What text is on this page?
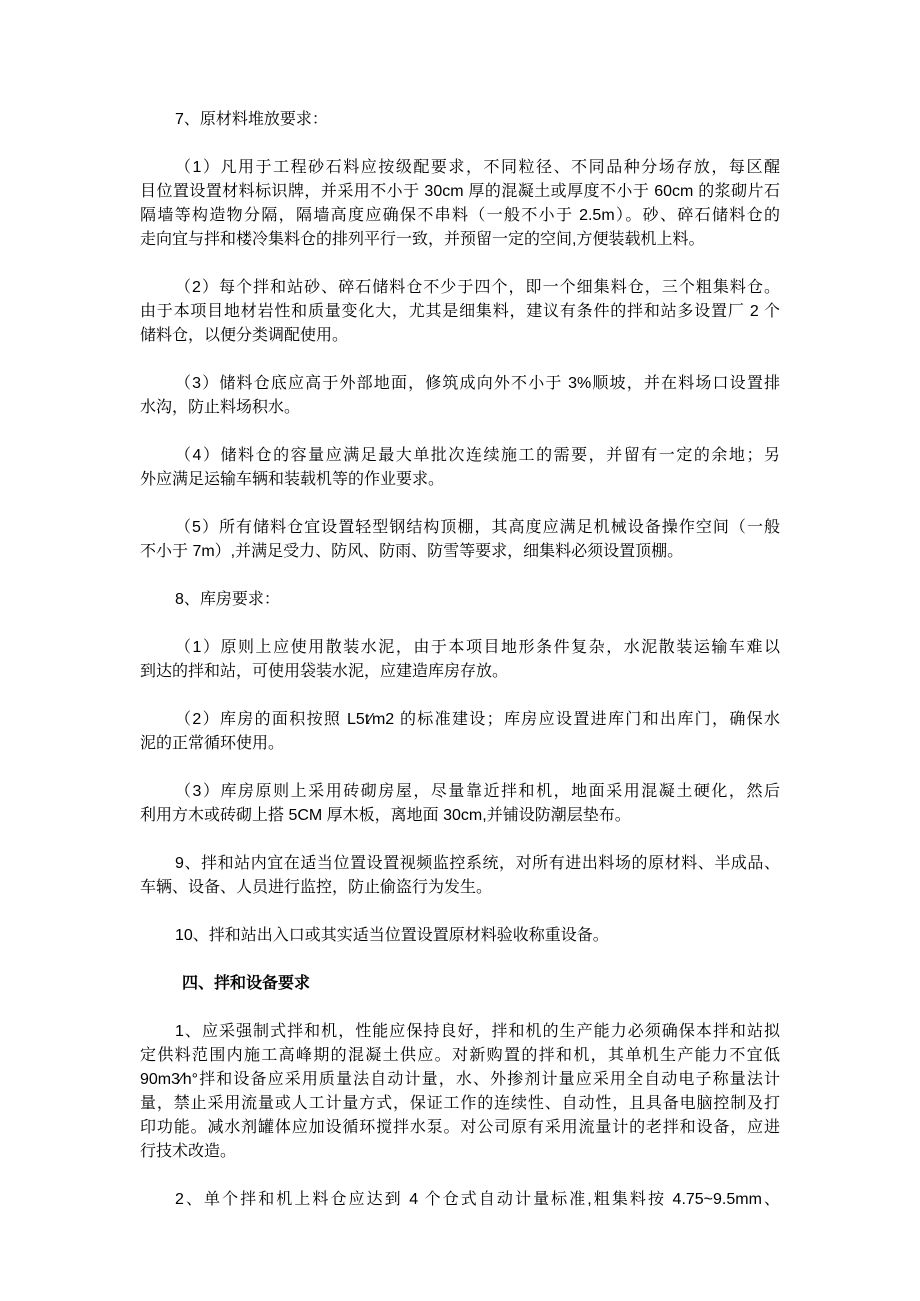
7、原材料堆放要求：
（1）凡用于工程砂石料应按级配要求，不同粒径、不同品种分场存放，每区醒
目位置设置材料标识牌，并采用不小于 30cm 厚的混凝土或厚度不小于 60cm 的浆砌片石
隔墙等构造物分隔，隔墙高度应确保不串料（一般不小于 2.5m）。砂、碎石储料仓的
走向宜与拌和楼冷集料仓的排列平行一致，并预留一定的空间,方便装载机上料。
（2）每个拌和站砂、碎石储料仓不少于四个，即一个细集料仓，三个粗集料仓。
由于本项目地材岩性和质量变化大，尤其是细集料，建议有条件的拌和站多设置厂 2 个
储料仓，以便分类调配使用。
（3）储料仓底应高于外部地面，修筑成向外不小于 3%顺坡，并在料场口设置排
水沟，防止料场积水。
（4）储料仓的容量应满足最大单批次连续施工的需要，并留有一定的余地；另
外应满足运输车辆和装载机等的作业要求。
（5）所有储料仓宜设置轻型钢结构顶棚，其高度应满足机械设备操作空间（一般
不小于 7m）,并满足受力、防风、防雨、防雪等要求，细集料必须设置顶棚。
8、库房要求：
（1）原则上应使用散装水泥，由于本项目地形条件复杂，水泥散装运输车难以
到达的拌和站，可使用袋装水泥，应建造库房存放。
（2）库房的面积按照 L5t∕m2 的标准建设；库房应设置进库门和出库门，确保水
泥的正常循环使用。
（3）库房原则上采用砖砌房屋，尽量靠近拌和机，地面采用混凝土硬化，然后
利用方木或砖砌上搭 5CM 厚木板，离地面 30cm,并铺设防潮层垫布。
9、拌和站内宜在适当位置设置视频监控系统，对所有进出料场的原材料、半成品、
车辆、设备、人员进行监控，防止偷盗行为发生。
10、拌和站出入口或其实适当位置设置原材料验收称重设备。
四、拌和设备要求
1、应采强制式拌和机，性能应保持良好，拌和机的生产能力必须确保本拌和站拟
定供料范围内施工高峰期的混凝土供应。对新购置的拌和机，其单机生产能力不宜低
90m3∕h°拌和设备应采用质量法自动计量，水、外掺剂计量应采用全自动电子称量法计
量，禁止采用流量或人工计量方式，保证工作的连续性、自动性，且具备电脑控制及打
印功能。减水剂罐体应加设循环搅拌水泵。对公司原有采用流量计的老拌和设备，应进
行技术改造。
2、单个拌和机上料仓应达到 4 个仓式自动计量标准,粗集料按 4.75~9.5mm、
